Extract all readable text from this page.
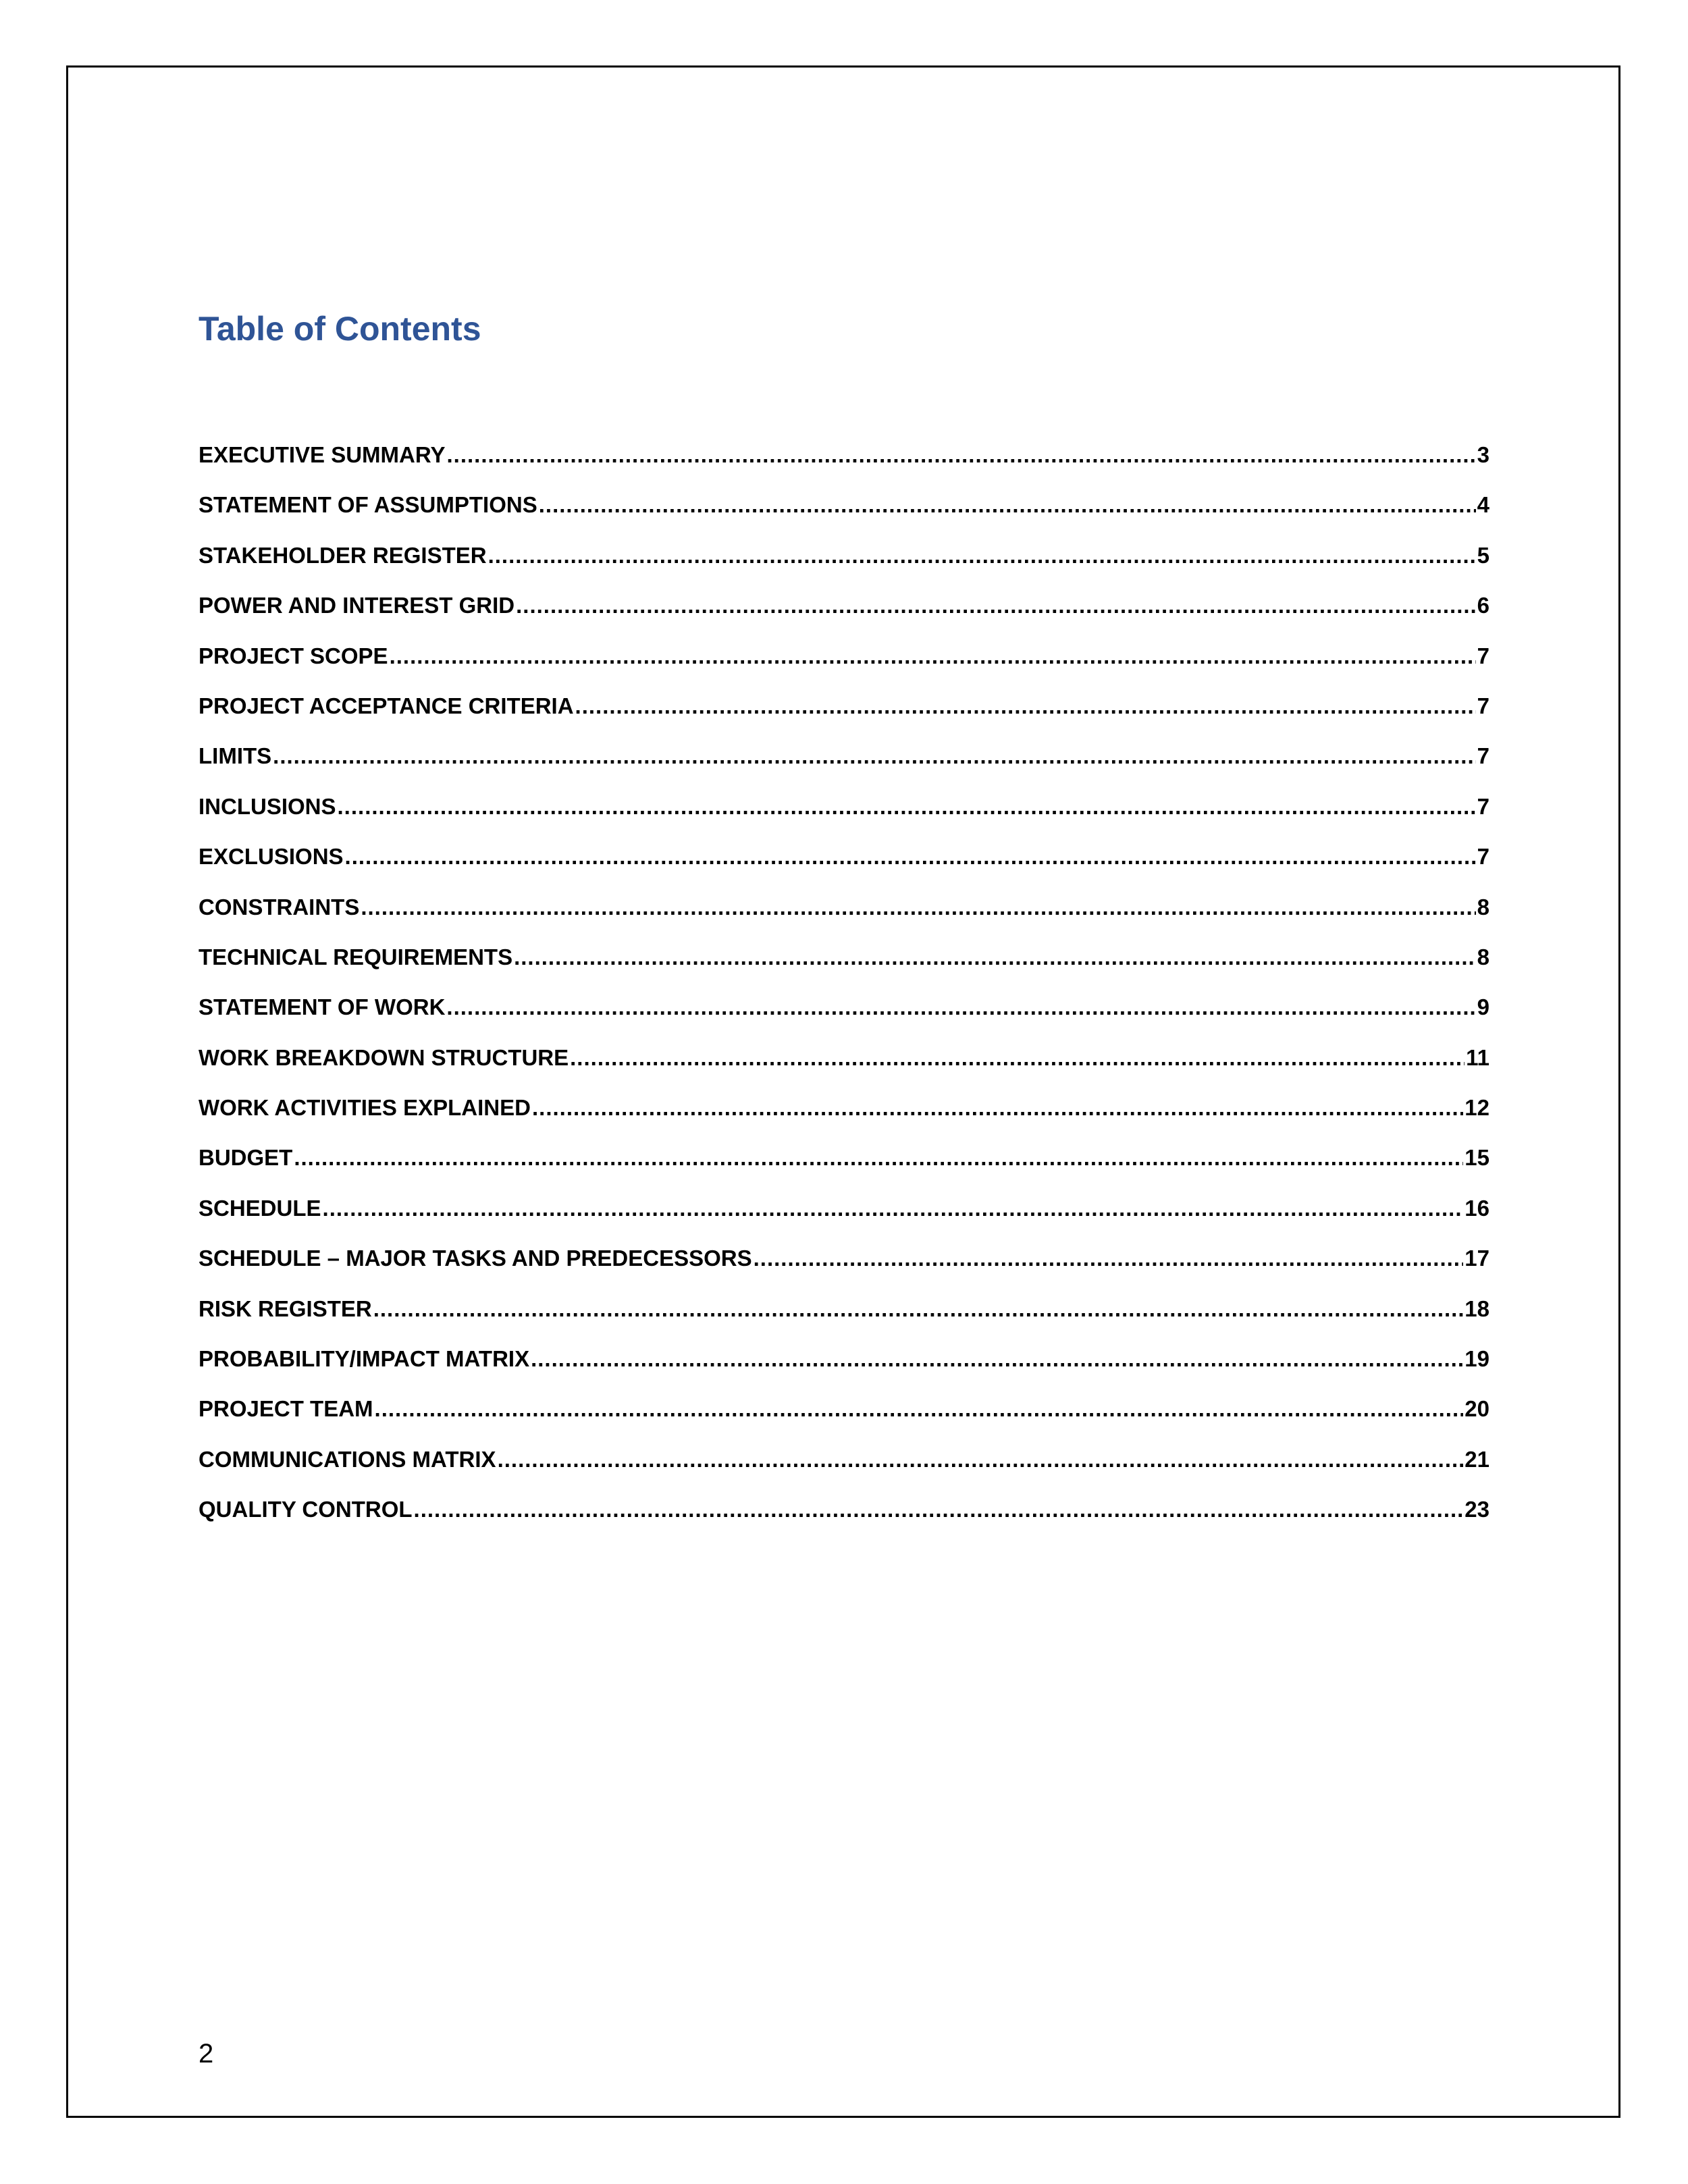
Table of Contents
EXECUTIVE SUMMARY .....	3
STATEMENT OF ASSUMPTIONS .....	4
STAKEHOLDER REGISTER .....	5
POWER AND INTEREST GRID .....	6
PROJECT SCOPE .....	7
PROJECT ACCEPTANCE CRITERIA .....	7
LIMITS .....	7
INCLUSIONS .....	7
EXCLUSIONS .....	7
CONSTRAINTS .....	8
TECHNICAL REQUIREMENTS .....	8
STATEMENT OF WORK .....	9
WORK BREAKDOWN STRUCTURE .....	11
WORK ACTIVITIES EXPLAINED .....	12
BUDGET .....	15
SCHEDULE .....	16
SCHEDULE – MAJOR TASKS AND PREDECESSORS .....	17
RISK REGISTER .....	18
PROBABILITY/IMPACT MATRIX .....	19
PROJECT TEAM .....	20
COMMUNICATIONS MATRIX .....	21
QUALITY CONTROL .....	23
2
